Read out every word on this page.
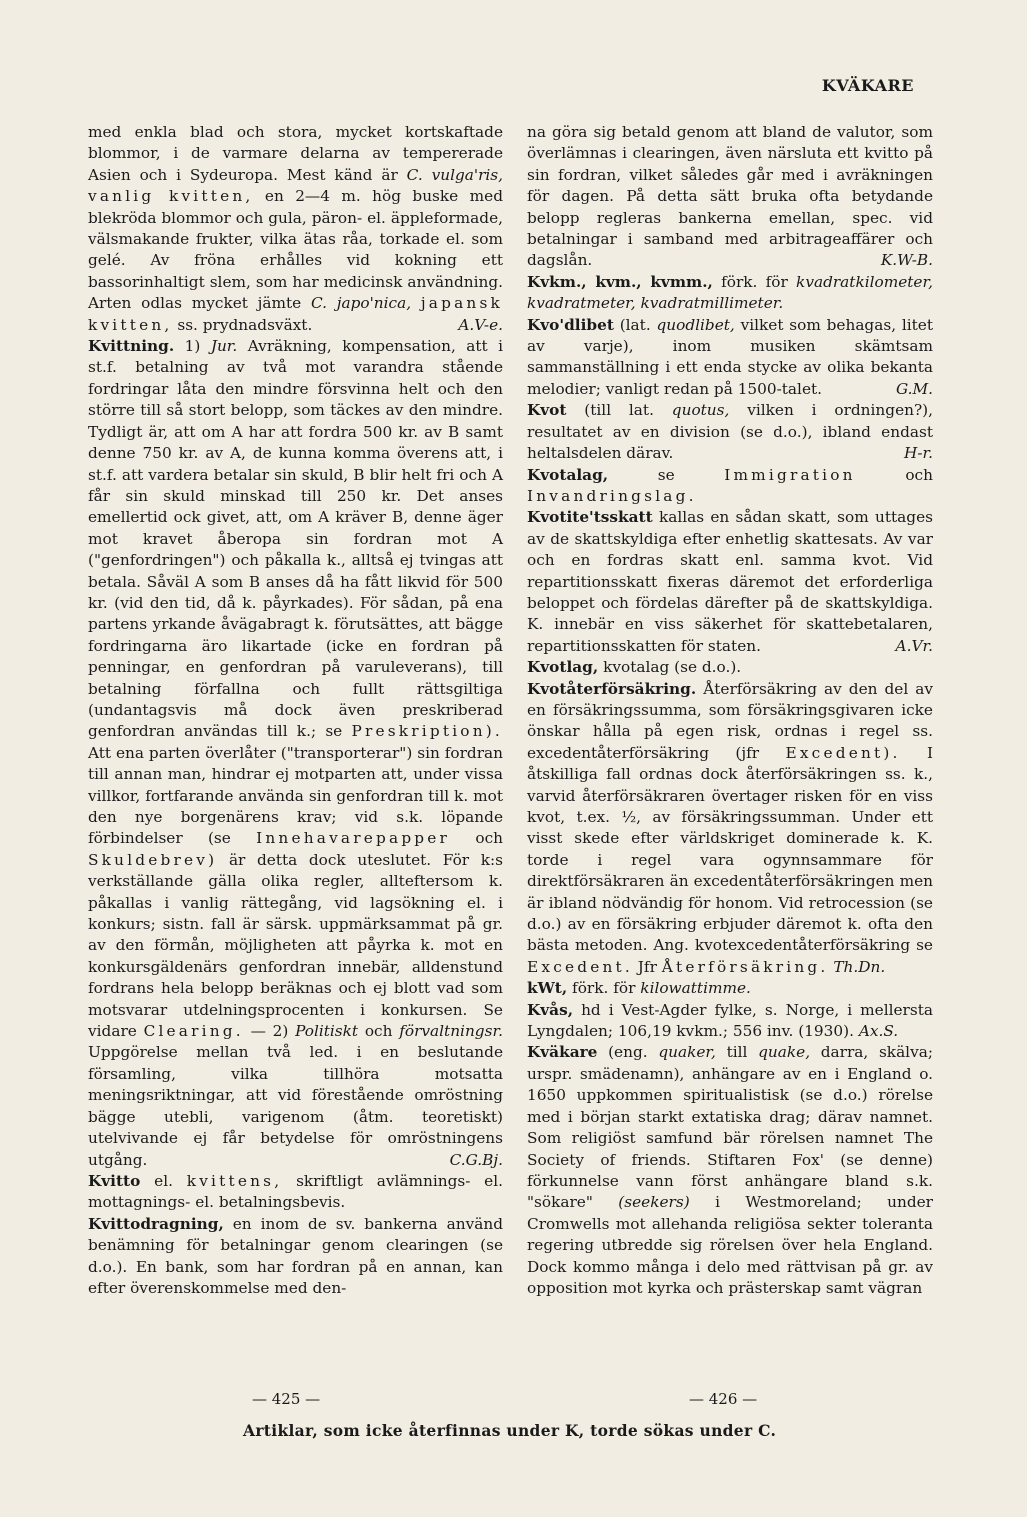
KVÄKARE

med enkla blad och stora, mycket kortskaftade blommor, i de varmare delarna av tempererade Asien och i Sydeuropa. Mest känd är C. vulga'ris, vanlig kvitten, en 2—4 m. hög buske med blekröda blommor och gula, päron- el. äppleformade, välsmakande frukter, vilka ätas råa, torkade el. som gelé. Av fröna erhålles vid kokning ett bassorinhaltigt slem, som har medicinsk användning. Arten odlas mycket jämte C. japo'nica, japansk kvitten, ss. prydnadsväxt.	A.V-e.

Kvittning. 1) Jur. Avräkning, kompensation, att i st.f. betalning av två mot varandra stående fordringar låta den mindre försvinna helt och den större till så stort belopp, som täckes av den mindre. Tydligt är, att om A har att fordra 500 kr. av B samt denne 750 kr. av A, de kunna komma överens att, i st.f. att vardera betalar sin skuld, B blir helt fri och A får sin skuld minskad till 250 kr. Det anses emellertid ock givet, att, om A kräver B, denne äger mot kravet åberopa sin fordran mot A ("genfordringen") och påkalla k., alltså ej tvingas att betala. Såväl A som B anses då ha fått likvid för 500 kr. (vid den tid, då k. påyrkades). För sådan, på ena partens yrkande åvägabragt k. förutsättes, att bägge fordringarna äro likartade (icke en fordran på penningar, en genfordran på varuleverans), till betalning förfallna och fullt rättsgiltiga (undantagsvis må dock även preskriberad genfordran användas till k.; se Preskription). Att ena parten överlåter ("transporterar") sin fordran till annan man, hindrar ej motparten att, under vissa villkor, fortfarande använda sin genfordran till k. mot den nye borgenärens krav; vid s.k. löpande förbindelser (se Innehavarepapper och Skuldebrev) är detta dock uteslutet. För k:s verkställande gälla olika regler, allteftersom k. påkallas i vanlig rättegång, vid lagsökning el. i konkurs; sistn. fall är särsk. uppmärksammat på gr. av den förmån, möjligheten att påyrka k. mot en konkursgäldenärs genfordran innebär, alldenstund fordrans hela belopp beräknas och ej blott vad som motsvarar utdelningsprocenten i konkursen. Se vidare Clearing. — 2) Politiskt och förvaltningsr. Uppgörelse mellan två led. i en beslutande församling, vilka tillhöra motsatta meningsriktningar, att vid förestående omröstning bägge utebli, varigenom (åtm. teoretiskt) utelvivande ej får betydelse för omröstningens utgång.	C.G.Bj.

Kvitto el. kvittens, skriftligt avlämnings- el. mottagnings- el. betalningsbevis.

Kvittodragning, en inom de sv. bankerna använd benämning för betalningar genom clearingen (se d.o.). En bank, som har fordran på en annan, kan efter överenskommelse med den-

na göra sig betald genom att bland de valutor, som överlämnas i clearingen, även närsluta ett kvitto på sin fordran, vilket således går med i avräkningen för dagen. På detta sätt bruka ofta betydande belopp regleras bankerna emellan, spec. vid betalningar i samband med arbitrageaffärer och dagslån.	K.W-B.

Kvkm., kvm., kvmm., förk. för kvadratkilometer, kvadratmeter, kvadratmillimeter.

Kvo'dlibet (lat. quodlibet, vilket som behagas, litet av varje), inom musiken skämtsam sammanställning i ett enda stycke av olika bekanta melodier; vanligt redan på 1500-talet.	G.M.

Kvot (till lat. quotus, vilken i ordningen?), resultatet av en division (se d.o.), ibland endast heltalsdelen därav.	H-r.

Kvotalag,	se	Immigration	och Invandringslag.

Kvotite'tsskatt kallas en sådan skatt, som uttages av de skattskyldiga efter enhetlig skattesats. Av var och en fordras skatt enl. samma kvot. Vid repartitionsskatt fixeras däremot det erforderliga beloppet och fördelas därefter på de skattskyldiga. K. innebär en viss säkerhet för skattebetalaren, repartitionsskatten för staten.	A.Vr.

Kvotlag, kvotalag (se d.o.).

Kvotåterförsäkring. Återförsäkring av den del av en försäkringssumma, som försäkringsgivaren icke önskar hålla på egen risk, ordnas i regel ss. excedentåterförsäkring (jfr Excedent). I åtskilliga fall ordnas dock återförsäkringen ss. k., varvid återförsäkraren övertager risken för en viss kvot, t.ex. ½, av försäkringssumman. Under ett visst skede efter världskriget dominerade k. K. torde i regel vara ogynnsammare för direktförsäkraren än excedentåterförsäkringen men är ibland nödvändig för honom. Vid retrocession (se d.o.) av en försäkring erbjuder däremot k. ofta den bästa metoden. Ang. kvotexcedentåterförsäkring se Excedent. Jfr Återförsäkring. Th.Dn.

kWt, förk. för kilowattimme.

Kvås, hd i Vest-Agder fylke, s. Norge, i mellersta Lyngdalen; 106,19 kvkm.; 556 inv. (1930). Ax.S.

Kväkare (eng. quaker, till quake, darra, skälva; urspr. smädenamn), anhängare av en i England o. 1650 uppkommen spiritualistisk (se d.o.) rörelse med i början starkt extatiska drag; därav namnet. Som religiöst samfund bär rörelsen namnet The Society of friends. Stiftaren Fox' (se denne) förkunnelse vann först anhängare bland s.k. "sökare" (seekers) i Westmoreland; under Cromwells mot allehanda religiösa sekter toleranta regering utbredde sig rörelsen över hela England. Dock kommo många i delo med rättvisan på gr. av opposition mot kyrka och prästerskap samt vägran

— 425 —	— 426 —
Artiklar, som icke återfinnas under K, torde sökas under C.
